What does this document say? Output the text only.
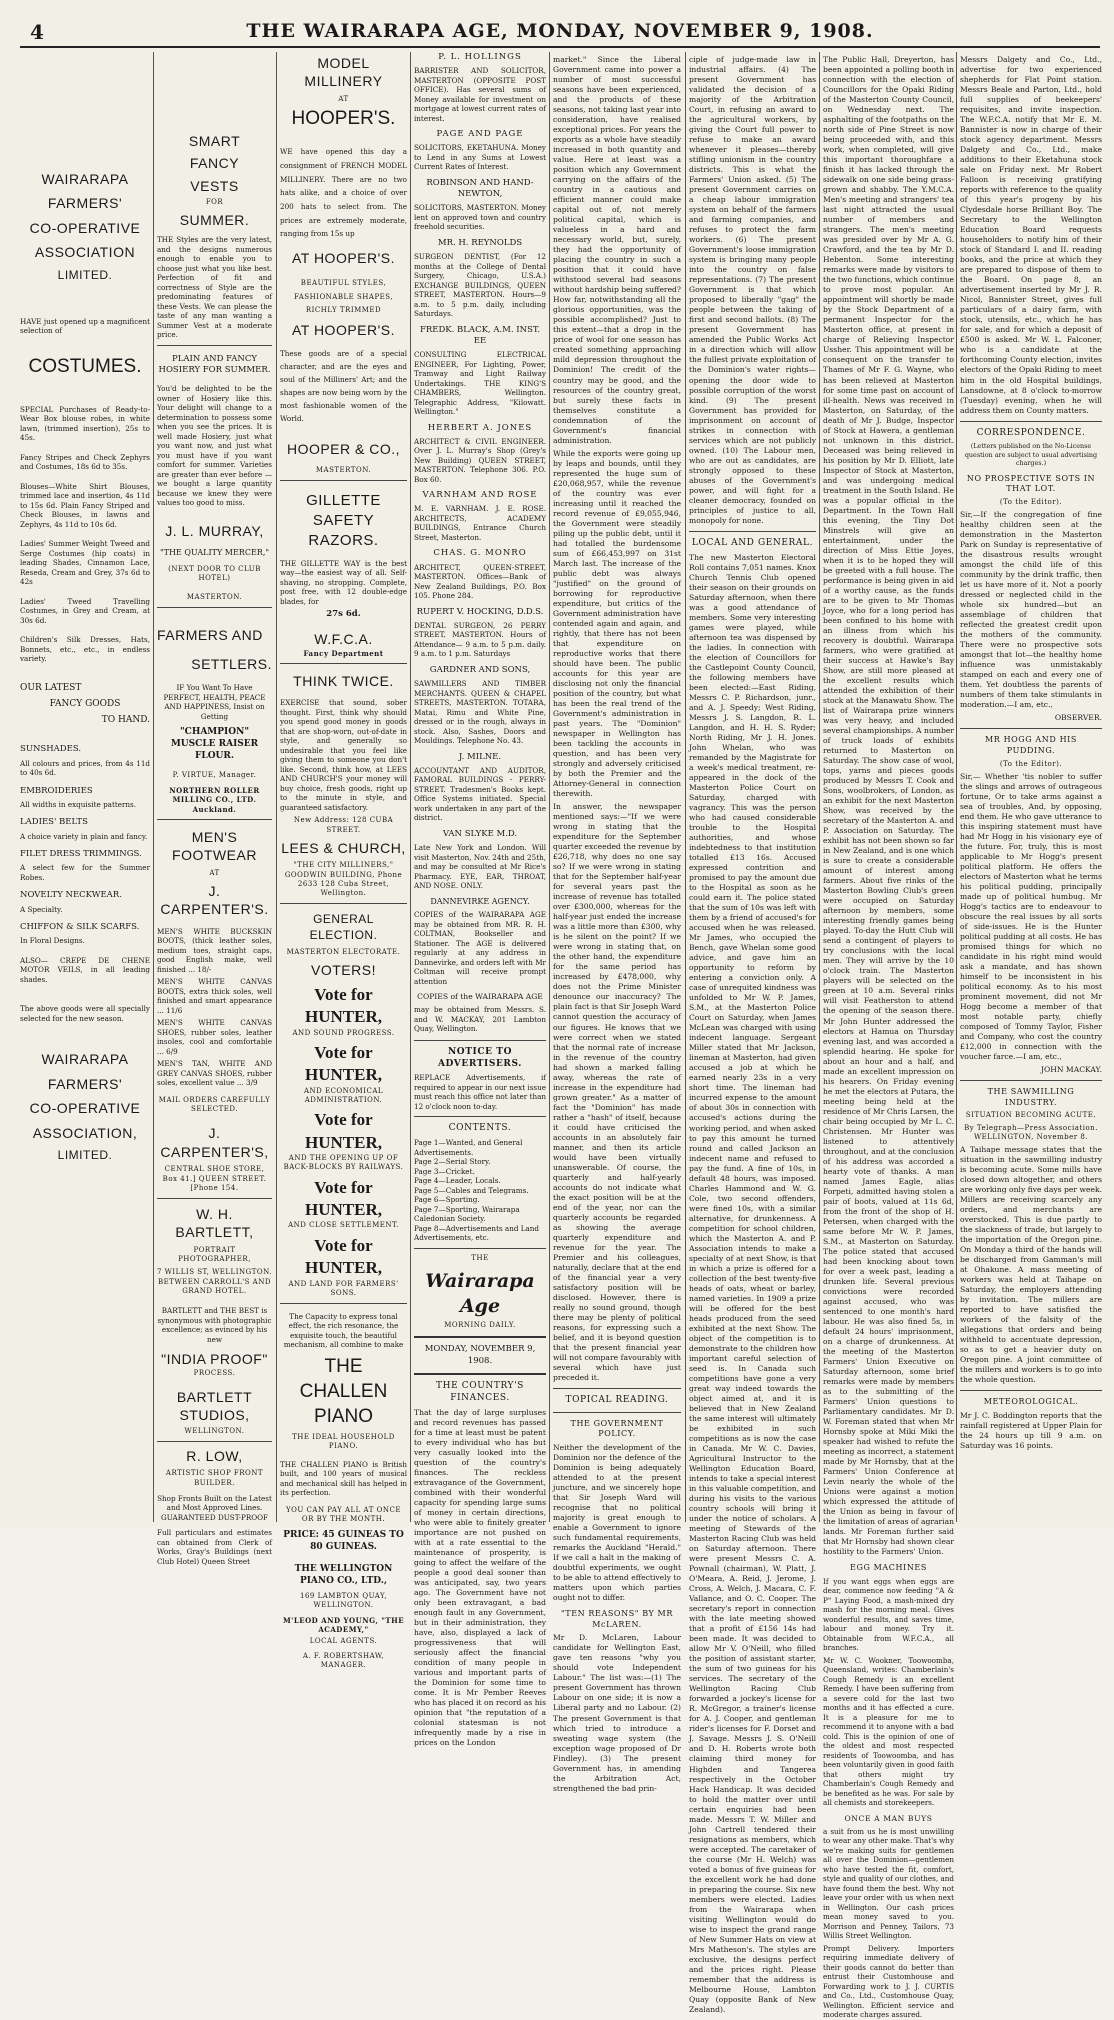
4	THE WAIRARAPA AGE, MONDAY, NOVEMBER 9, 1908.
WAIRARAPA
FARMERS'
CO-OPERATIVE
ASSOCIATION
LIMITED.
HAVE just opened up a magnificent selection of
COSTUMES.
SPECIAL Purchases of Ready-to-Wear Box blouse robes, in white lawn, (trimmed insertion), 25s to 45s.
Fancy Stripes and Check Zephyrs and Costumes, 18s 6d to 35s.
Blouses—White Shirt Blouses, trimmed lace and insertion, 4s 11d to 15s 6d. Plain Fancy Striped and Check Blouses, in lawns and Zephyrs, 4s 11d to 10s 6d.
Ladies' Summer Weight Tweed and Serge Costumes (hip coats) in leading Shades, Cinnamon Lace, Reseda, Cream and Grey, 37s 6d to 42s
Ladies' Tweed Travelling Costumes, in Grey and Cream, at 30s 6d.
Children's Silk Dresses, Hats, Bonnets, etc., etc., in endless variety.
OUR LATEST
FANCY GOODS
TO HAND.
SUNSHADES.
All colours and prices, from 4s 11d to 40s 6d.
EMBROIDERIES
All widths in exquisite patterns.
LADIES' BELTS
A choice variety in plain and fancy.
FILET DRESS TRIMMINGS.
A select few for the Summer Robes.
NOVELTY NECKWEAR.
A Specialty.
CHIFFON & SILK SCARFS.
In Floral Designs.
ALSO— CREPE DE CHENE MOTOR VEILS, in all leading shades.
The above goods were all specially selected for the new season.
WAIRARAPA
FARMERS'
CO-OPERATIVE
ASSOCIATION,
LIMITED.
SMART
FANCY
VESTS
FOR
SUMMER.
THE Styles are the very latest, and the designs numerous enough to enable you to choose just what you like best. Perfection of fit and correctness of Style are the predominating features of these Vests. We can please the taste of any man wanting a Summer Vest at a moderate price.
PLAIN AND FANCY HOSIERY FOR SUMMER.
You'd be delighted to be the owner of Hosiery like this. Your delight will change to a determination to possess some when you see the prices. It is well made Hosiery, just what you want now, and just what you must have if you want comfort for summer. Varieties are greater than ever before —we bought a large quantity because we knew they were values too good to miss.
J. L. MURRAY,
"THE QUALITY MERCER,"
(NEXT DOOR TO CLUB HOTEL)
MASTERTON.
FARMERS AND
SETTLERS.
IF You Want To Have PERFECT, HEALTH, PEACE AND HAPPINESS, Insist on Getting
"CHAMPION" MUSCLE RAISER FLOUR.
P. VIRTUE, Manager.
NORTHERN ROLLER MILLING CO., LTD. Auckland.
MEN'S FOOTWEAR
AT
J. CARPENTER'S.
MEN'S WHITE BUCKSKIN BOOTS, (thick leather soles, medium toes, straight caps, good English make, well finished ... 18/-
MEN'S WHITE CANVAS BOOTS, extra thick soles, well finished and smart appearance ... 11/6
MEN'S WHITE CANVAS SHOES, rubber soles, leather insoles, cool and comfortable ... 6/9
MEN'S TAN, WHITE AND GREY CANVAS SHOES, rubber soles, excellent value ... 3/9
MAIL ORDERS CAREFULLY SELECTED.
J. CARPENTER'S,
CENTRAL SHOE STORE, Box 41.] QUEEN STREET. [Phone 154.
W. H. BARTLETT,
PORTRAIT PHOTOGRAPHER,
7 WILLIS ST, WELLINGTON. BETWEEN CARROLL'S AND GRAND HOTEL.
BARTLETT and THE BEST is synonymous with photographic excellence; as evinced by his new
"INDIA PROOF"
PROCESS.
BARTLETT
STUDIOS,
WELLINGTON.
R. LOW,
ARTISTIC SHOP FRONT BUILDER.
Shop Fronts Built on the Latest and Most Approved Lines. GUARANTEED DUST-PROOF
Full particulars and estimates can obtained from Clerk of Works, Gray's Buildings (next Club Hotel) Queen Street
MODEL MILLINERY
AT
HOOPER'S.
WE have opened this day a consignment of FRENCH MODEL MILLINERY. There are no two hats alike, and a choice of over 200 hats to select from. The prices are extremely moderate, ranging from 15s up
AT HOOPER'S.
BEAUTIFUL STYLES, FASHIONABLE SHAPES, RICHLY TRIMMED
AT HOOPER'S.
These goods are of a special character, and are the eyes and soul of the Milliners' Art; and the shapes are now being worn by the most fashionable women of the World.
HOOPER & CO.,
MASTERTON.
GILLETTE SAFETY RAZORS.
THE GILLETTE WAY is the best way—the easiest way of all. Self-shaving, no stropping. Complete, post free, with 12 double-edge blades, for
27s 6d.
W.F.C.A.
Fancy Department
THINK TWICE.
EXERCISE that sound, sober thought. First, think why should you spend good money in goods that are shop-worn, out-of-date in style, and generally so undesirable that you feel like giving them to someone you don't like. Second, think how, at LEES AND CHURCH'S your money will buy choice, fresh goods, right up to the minute in style, and guaranteed satisfactory.
New Address: 128 CUBA STREET.
LEES & CHURCH,
"THE CITY MILLINERS," GOODWIN BUILDING, Phone 2633 128 Cuba Street, Wellington.
GENERAL ELECTION.
MASTERTON ELECTORATE.
VOTERS!
Vote for HUNTER,
AND SOUND PROGRESS.
Vote for HUNTER,
AND ECONOMICAL ADMINISTRATION.
Vote for HUNTER,
AND THE OPENING UP OF BACK-BLOCKS BY RAILWAYS.
Vote for HUNTER,
AND CLOSE SETTLEMENT.
Vote for HUNTER,
AND LAND FOR FARMERS' SONS.
The Capacity to express tonal effect, the rich resonance, the exquisite touch, the beautiful mechanism, all combine to make
THE
CHALLEN
PIANO
THE IDEAL HOUSEHOLD PIANO.
THE CHALLEN PIANO is British built, and 100 years of musical and mechanical skill has helped in its perfection.
YOU CAN PAY ALL AT ONCE OR BY THE MONTH.
PRICE: 45 GUINEAS TO 80 GUINEAS.
THE WELLINGTON PIANO CO., LTD.,
169 LAMBTON QUAY, WELLINGTON.
M'LEOD AND YOUNG, "THE ACADEMY,"
LOCAL AGENTS.
A. F. ROBERTSHAW, MANAGER.
P. L. HOLLINGS
BARRISTER AND SOLICITOR, MASTERTON (OPPOSITE POST OFFICE). Has several sums of Money available for investment on mortgage at lowest current rates of interest.
PAGE AND PAGE
SOLICITORS, EKETAHUNA. Money to Lend in any Sums at Lowest Current Rates of Interest.
ROBINSON AND HAND-NEWTON,
SOLICITORS, MASTERTON. Money lent on approved town and country freehold securities.
MR. H. REYNOLDS
SURGEON DENTIST, (For 12 months at the College of Dental Surgery, Chicago, U.S.A.) EXCHANGE BUILDINGS, QUEEN STREET, MASTERTON. Hours—9 a.m. to 5 p.m. daily, including Saturdays.
FREDK. BLACK, A.M. INST. EE
CONSULTING ELECTRICAL ENGINEER, For Lighting, Power, Tramway and Light Railway Undertakings. THE KING'S CHAMBERS, Wellington. Telegraphic Address, "Kilowatt. Wellington."
HERBERT A. JONES
ARCHITECT & CIVIL ENGINEER. Over J. L. Murray's Shop (Grey's New Building) QUEEN STREET, MASTERTON. Telephone 306. P.O. Box 60.
VARNHAM AND ROSE
M. E. VARNHAM. J. E. ROSE. ARCHITECTS, ACADEMY BUILDINGS, Entrance Church Street, Masterton.
CHAS. G. MONRO
ARCHITECT, QUEEN-STREET, MASTERTON. Offices—Bank of New Zealand Buildings, P.O. Box 105. Phone 284.
RUPERT V. HOCKING, D.D.S.
DENTAL SURGEON, 26 PERRY STREET, MASTERTON. Hours of Attendance— 9 a.m. to 5 p.m. daily. 9 a.m. to 1 p.m. Saturdays
GARDNER AND SONS,
SAWMILLERS AND TIMBER MERCHANTS. QUEEN & CHAPEL STREETS, MASTERTON. TOTARA, Matai, Rimu and White Pine, dressed or in the rough, always in stock. Also, Sashes, Doors and Mouldings. Telephone No. 43.
J. MILNE.
ACCOUNTANT AND AUDITOR, FAMORAL BUILDINGS - PERRY-STREET. Tradesmen's Books kept. Office Systems initiated. Special work undertaken in any part of the district.
VAN SLYKE M.D.
Late New York and London. Will visit Masterton, Nov. 24th and 25th, and may be consulted at Mr Rice's Pharmacy. EYE, EAR, THROAT, AND NOSE. ONLY.
DANNEVIRKE AGENCY.
COPIES of the WAIRARAPA AGE may be obtained from MR. R. H. COLTMAN, Bookseller and Stationer. The AGE is delivered regularly at any address in Dannevirke, and orders left with Mr Coltman will receive prompt attention
COPIES of the WAIRARAPA AGE
may be obtained from Messrs. S. and W. MACKAY, 201 Lambton Quay, Wellington.
NOTICE TO ADVERTISERS.
REPLACE Advertisements, if required to appear in our next issue must reach this office not later than 12 o'clock noon to-day.
CONTENTS.
Page 1—Wanted, and General Advertisements.
Page 2—Serial Story.
Page 3—Cricket.
Page 4—Leader, Locals.
Page 5—Cables and Telegrams.
Page 6—Sporting.
Page 7—Sporting, Wairarapa Caledonian Society.
Page 8—Advertisements and Land Advertisements, etc.
THE
Wairarapa Age
MORNING DAILY.
MONDAY, NOVEMBER 9, 1908.
THE COUNTRY'S FINANCES.
That the day of large surpluses and record revenues has passed for a time at least must be patent to every individual who has but very casually looked into the question of the country's finances. The reckless extravagance of the Government, combined with their wonderful capacity for spending large sums of money in certain directions, who were able to finitely greater importance are not pushed on with at a rate essential to the maintenance of prosperity, is going to affect the welfare of the people a good deal sooner than was anticipated, say, two years ago. The Government have not only been extravagant, a bad enough fault in any Government, but in their administration, they have, also, displayed a lack of progressiveness that will seriously affect the financial condition of many people in various and important parts of the Dominion for some time to come. It is Mr Pember Reeves who has placed it on record as his opinion that "the reputation of a colonial statesman is not infrequently made by a rise in prices on the London
market." Since the Liberal Government came into power a number of most successful seasons have been experienced, and the products of these seasons, not taking last year into consideration, have realised exceptional prices. For years the exports as a whole have steadily increased in both quantity and value. Here at least was a position which any Government carrying on the affairs of the country in a cautious and efficient manner could make capital out of, not merely political capital, which is valueless in a hard and necessary world, but, surely, they had the opportunity of placing the country in such a position that it could have withstood several bad seasons without hardship being suffered? How far, notwithstanding all the glorious opportunities, was the possible accomplished? Just to this extent—that a drop in the price of wool for one season has created something approaching mild depression throughout the Dominion! The credit of the country may be good, and the resources of the country great, but surely these facts in themselves constitute a condemnation of the Government's financial administration.
While the exports were going up by leaps and bounds, until they represented the huge sum of £20,068,957, while the revenue of the country was ever increasing until it reached the record revenue of £9,055,946, the Government were steadily piling up the public debt, until it had totalled the burdensome sum of £66,453,997 on 31st March last. The increase of the public debt was always "justified" on the ground of borrowing for reproductive expenditure, but critics of the Government administration have contended again and again, and rightly, that there has not been that expenditure on reproductive works that there should have been. The public accounts for this year are disclosing not only the financial position of the country, but what has been the real trend of the Government's administration in past years. The "Dominion" newspaper in Wellington has been tackling the accounts in question, and has been very strongly and adversely criticised by both the Premier and the Attorney-General in connection therewith.
In answer, the newspaper mentioned says:—"If we were wrong in stating that the expenditure for the September quarter exceeded the revenue by £26,718, why does no one say so? If we were wrong in stating that for the September half-year for several years past the increase of revenue has totalled over £300,000, whereas for the half-year just ended the increase was a little more than £300, why is he silent on the point? If we were wrong in stating that, on the other hand, the expenditure for the same period has increased by £478,000, why does not the Prime Minister denounce our inaccuracy? The plain fact is that Sir Joseph Ward cannot question the accuracy of our figures. He knows that we were correct when we stated that the normal rate of increase in the revenue of the country had shown a marked falling away, whereas the rate of increase in the expenditure had grown greater." As a matter of fact the "Dominion" has made rather a "hash" of itself, because it could have criticised the accounts in an absolutely fair manner, and then its article would have been virtually unanswerable. Of course, the quarterly and half-yearly accounts do not indicate what the exact position will be at the end of the year, nor can the quarterly accounts be regarded as showing the average quarterly expenditure and revenue for the year. The Premier and his colleagues, naturally, declare that at the end of the financial year a very satisfactory position will be disclosed. However, there is really no sound ground, though there may be plenty of political reasons, for expressing such a belief, and it is beyond question that the present financial year will not compare favourably with several which have just preceded it.
TOPICAL READING.
THE GOVERNMENT POLICY.
Neither the development of the Dominion nor the defence of the Dominion is being adequately attended to at the present juncture, and we sincerely hope that Sir Joseph Ward will recognise that no political majority is great enough to enable a Government to ignore such fundamental requirements, remarks the Auckland "Herald." If we call a halt in the making of doubtful experiments, we ought to be able to attend effectively to matters upon which parties ought not to differ.
"TEN REASONS" BY MR McLAREN.
Mr D. McLaren, Labour candidate for Wellington East, gave ten reasons "why you should vote Independent Labour." The list was:—(1) The present Government has thrown Labour on one side; it is now a Liberal party and no Labour. (2) The present Government is that which tried to introduce a sweating wage system (the exception wage proposed of Dr Findley). (3) The present Government has, in amending the Arbitration Act, strengthened the bad prin-
ciple of judge-made law in industrial affairs. (4) The present Government has validated the decision of a majority of the Arbitration Court, in refusing an award to the agricultural workers, by giving the Court full power to refuse to make an award whenever it pleases—thereby stifling unionism in the country districts. This is what the Farmers' Union asked. (5) The present Government carries on a cheap labour immigration system on behalf of the farmers and farming companies, and refuses to protect the farm workers. (6) The present Government's loose immigration system is bringing many people into the country on false representations. (7) The present Government is that which proposed to liberally "gag" the people between the taking of first and second ballots. (8) The present Government has amended the Public Works Act in a direction which will allow the fullest private exploitation of the Dominion's water rights—opening the door wide to possible corruption of the worst kind. (9) The present Government has provided for imprisonment on account of strikes in connection with services which are not publicly owned. (10) The Labour men, who are out as candidates, are strongly opposed to these abuses of the Government's power, and will fight for a cleaner democracy, founded on principles of justice to all, monopoly for none.
LOCAL AND GENERAL.
The new Masterton Electoral Roll contains 7,051 names. Knox Church Tennis Club opened their season on their grounds on Saturday afternoon, when there was a good attendance of members. Some very interesting games were played, while afternoon tea was dispensed by the ladies. In connection with the election of Councillors for the Castlepoint County Council, the following members have been elected:—East Riding, Messrs C. P. Richardson, junr., and A. J. Speedy; West Riding, Messrs J. S. Langdon, R. L. Langdon, and H. H. S. Ryder; North Riding, Mr J. H. Jones. John Whelan, who was remanded by the Magistrate for a week's medical treatment, re-appeared in the dock of the Masterton Police Court on Saturday, charged with vagrancy. This was the person who had caused considerable trouble to the Hospital authorities, and whose indebtedness to that institution totalled £13 16s. Accused expressed contrition and promised to pay the amount due to the Hospital as soon as he could earn it. The police stated that the sum of 10s was left with them by a friend of accused's for accused when he was released. Mr James, who occupied the Bench, gave Whelan some good advice, and gave him an opportunity to reform by entering a conviction only. A case of unrequited kindness was unfolded to Mr W. P. James, S.M., at the Masterton Police Court on Saturday, when James McLean was charged with using indecent language. Sergeant Miller stated that Mr Jackson, lineman at Masterton, had given accused a job at which he earned nearly 23s in a very short time. The lineman had incurred expense to the amount of about 30s in connection with accused's actions during the working period, and when asked to pay this amount he turned round and called Jackson an indecent name and refused to pay the fund. A fine of 10s, in default 48 hours, was imposed. Charles Hammond and W. G. Cole, two second offenders, were fined 10s, with a similar alternative, for drunkenness. A competition for school children, which the Masterton A. and P. Association intends to make a specialty of at next Show, is that in which a prize is offered for a collection of the best twenty-five heads of oats, wheat or barley, named varieties. In 1909 a prize will be offered for the best heads produced from the seed exhibited at the next Show. The object of the competition is to demonstrate to the children how important careful selection of seed is. In Canada such competitions have gone a very great way indeed towards the object aimed at, and it is believed that in New Zealand the same interest will ultimately be exhibited in such competitions as is now the case in Canada. Mr W. C. Davies, Agricultural Instructor to the Wellington Education Board, intends to take a special interest in this valuable competition, and during his visits to the various country schools will bring it under the notice of scholars. A meeting of Stewards of the Masterton Racing Club was held on Saturday afternoon. There were present Messrs C. A. Pownall (chairman), W. Platt, J. O'Meara, A. Reid, J. Jerome, J. Cross, A. Welch, J. Macara, C. F. Vallance, and O. C. Cooper. The secretary's report in connection with the late meeting showed that a profit of £156 14s had been made. It was decided to allow Mr V. O'Neill, who filled the position of assistant starter, the sum of two guineas for his services. The secretary of the Wellington Racing Club forwarded a jockey's license for R. McGregor, a trainer's license for A. J. Cooper, and gentleman rider's licenses for F. Dorset and J. Savage. Messrs J. S. O'Neill and D. H. Roberts wrote both claiming third money for Highden and Tangerea respectively in the October Hack Handicap. It was decided to hold the matter over until certain enquiries had been made. Messrs T. W. Miller and John Cartrell tendered their resignations as members, which were accepted. The caretaker of the course (Mr H. Welch) was voted a bonus of five guineas for the excellent work he had done in preparing the course. Six new members were elected. Ladies from the Wairarapa when visiting Wellington would do wise to inspect the grand range of New Summer Hats on view at Mrs Matheson's. The styles are exclusive, the designs perfect and the prices right. Please remember that the address is Melbourne House, Lambton Quay (opposite Bank of New Zealand).
The Public Hall, Dreyerton, has been appointed a polling booth in connection with the election of Councillors for the Opaki Riding of the Masterton County Council, on Wednesday next. The asphalting of the footpaths on the north side of Pine Street is now being proceeded with, and this work, when completed, will give this important thoroughfare a finish it has lacked through the sidewalk on one side being grass-grown and shabby. The Y.M.C.A. Men's meeting and strangers' tea last night attracted the usual number of members and strangers. The men's meeting was presided over by Mr A. G. Crawford, and the tea by Mr D. Hebenton. Some interesting remarks were made by visitors to the two functions, which continue to prove most popular. An appointment will shortly be made by the Stock Department of a permanent Inspector for the Masterton office, at present in charge of Relieving Inspector Ussher. This appointment will be consequent on the transfer to Thames of Mr F. G. Wayne, who has been relieved at Masterton for some time past on account of ill-health. News was received in Masterton, on Saturday, of the death of Mr J. Budge, Inspector of Stock at Hawera, a gentleman not unknown in this district. Deceased was being relieved in his position by Mr D. Elliott, late Inspector of Stock at Masterton, and was undergoing medical treatment in the South Island. He was a popular official in the Department. In the Town Hall this evening, the Tiny Dot Minstrels will give an entertainment, under the direction of Miss Ettie Joyes, when it is to be hoped they will be greeted with a full house. The performance is being given in aid of a worthy cause, as the funds are to be given to Mr Thomas Joyce, who for a long period has been confined to his home with an illness from which his recovery is doubtful. Wairarapa farmers, who were gratified at their success at Hawke's Bay Show, are still more pleased at the excellent results which attended the exhibition of their stock at the Manawatu Show. The list of Wairarapa prize winners was very heavy, and included several championships. A number of truck loads of exhibits returned to Masterton on Saturday. The show case of wool, tops, yarns and pieces goods produced by Messrs T. Cook and Sons, woolbrokers, of London, as an exhibit for the next Masterton Show, was received by the secretary of the Masterton A. and P. Association on Saturday. The exhibit has not been shown so far in New Zealand, and is one which is sure to create a considerable amount of interest among farmers. About five rinks of the Masterton Bowling Club's green were occupied on Saturday afternoon by members, some interesting friendly games being played. To-day the Hutt Club will send a contingent of players to try conclusions with the local men. They will arrive by the 10 o'clock train. The Masterton players will be selected on the green at 10 a.m. Several rinks will visit Featherston to attend the opening of the season there. Mr John Hunter addressed the electors at Hamua on Thursday evening last, and was accorded a splendid hearing. He spoke for about an hour and a half, and made an excellent impression on his hearers. On Friday evening he met the electors at Putara, the meeting being held at the residence of Mr Chris Larsen, the chair being occupied by Mr L. C. Christensen. Mr Hunter was listened to attentively throughout, and at the conclusion of his address was accorded a hearty vote of thanks. A man named James Eagle, alias Forpeti, admitted having stolen a pair of boots, valued at 11s 6d, from the front of the shop of H. Petersen, when charged with the same before Mr W. P. James, S.M., at Masterton on Saturday. The police stated that accused had been knocking about town for over a week past, leading a drunken life. Several previous convictions were recorded against accused, who was sentenced to one month's hard labour. He was also fined 5s, in default 24 hours' imprisonment, on a charge of drunkenness. At the meeting of the Masterton Farmers' Union Executive on Saturday afternoon, some brief remarks were made by members as to the submitting of the Farmers' Union questions to Parliamentary candidates. Mr D. W. Foreman stated that when Mr Hornsby spoke at Miki Miki the speaker had wished to refute the meeting as incorrect, a statement made by Mr Hornsby, that at the Farmers' Union Conference at Levin nearly the whole of the Unions were against a motion which expressed the attitude of the Union as being in favour of the limitation of areas of agrarian lands. Mr Foreman further said that Mr Hornsby had shown clear hostility to the Farmers' Union.
EGG MACHINES
If you want eggs when eggs are dear, commence now feeding "A & P" Laying Food, a mash-mixed dry mash for the morning meal. Gives wonderful results, and saves time, labour and money. Try it. Obtainable from W.F.C.A., all branches.
Mr W. C. Wookner, Toowoomba, Queensland, writes: Chamberlain's Cough Remedy is an excellent Remedy. I have been suffering from a severe cold for the last two months and it has effected a cure. It is a pleasure for me to recommend it to anyone with a bad cold. This is the opinion of one of the oldest and most respected residents of Toowoomba, and has been voluntarily given in good faith that others might try Chamberlain's Cough Remedy and be benefited as he was. For sale by all chemists and storekeepers.
ONCE A MAN BUYS
a suit from us he is most unwilling to wear any other make. That's why we're making suits for gentlemen all over the Dominion—gentlemen who have tested the fit, comfort, style and quality of our clothes, and have found them the best. Why not leave your order with us when next in Wellington. Our cash prices mean money saved to you. Morrison and Penney, Tailors, 73 Willis Street Wellington.
Prompt Delivery. Importers requiring immediate delivery of their goods cannot do better than entrust their Customhouse and Forwarding work to J. J. CURTIS and Co., Ltd., Customhouse Quay, Wellington. Efficient service and moderate charges assured.
Messrs Dalgety and Co., Ltd., advertise for two experienced shepherds for Flat Point station. Messrs Beale and Parton, Ltd., hold full supplies of beekeepers' requisites, and invite inspection. The W.F.C.A. notify that Mr E. M. Bannister is now in charge of their stock agency department. Messrs Dalgety and Co., Ltd., make additions to their Eketahuna stock sale on Friday next. Mr Robert Falloon is receiving gratifying reports with reference to the quality of this year's progeny by his Clydesdale horse Brilliant Boy. The Secretary to the Wellington Education Board requests householders to notify him of their stock of Standard I. and II. reading books, and the price at which they are prepared to dispose of them to the Board. On page 8, an advertisement inserted by Mr J. R. Nicol, Bannister Street, gives full particulars of a dairy farm, with stock, utensils, etc., which he has for sale, and for which a deposit of £500 is asked. Mr W. L. Falconer, who is a candidate at the forthcoming County election, invites electors of the Opaki Riding to meet him in the old Hospital buildings, Lansdowne, at 8 o'clock to-morrow (Tuesday) evening, when he will address them on County matters.
CORRESPONDENCE.
(Letters published on the No-License question are subject to usual advertising charges.)
NO PROSPECTIVE SOTS IN THAT LOT.
(To the Editor).
Sir,—If the congregation of fine healthy children seen at the demonstration in the Masterton Park on Sunday is representative of the disastrous results wrought amongst the child life of this community by the drink traffic, then let us have more of it. Not a poorly dressed or neglected child in the whole six hundred—but an assemblage of children that reflected the greatest credit upon the mothers of the community. There were no prospective sots amongst that lot—the healthy home influence was unmistakably stamped on each and every one of them. Yet doubtless the parents of numbers of them take stimulants in moderation.—I am, etc.,
OBSERVER.
MR HOGG AND HIS PUDDING.
(To the Editor).
Sir,— Whether 'tis nobler to suffer the slings and arrows of outrageous fortune, Or to take arms against a sea of troubles, And, by opposing, end them. He who gave utterance to this inspiring statement must have had Mr Hogg in his visionary eye of the future. For, truly, this is most applicable to Mr Hogg's present political platform. He offers the electors of Masterton what he terms his political pudding, principally made up of political humbug. Mr Hogg's tactics are to endeavour to obscure the real issues by all sorts of side-issues. He is the Hunter political pudding at all costs. He has promised things for which no candidate in his right mind would ask a mandate, and has shown himself to be inconsistent in his political economy. As to his most prominent movement, did not Mr Hogg become a member of that most notable party, chiefly composed of Tommy Taylor, Fisher and Company, who cost the country £12,000 in connection with the voucher farce.—I am, etc.,
JOHN MACKAY.
THE SAWMILLING INDUSTRY.
SITUATION BECOMING ACUTE.
By Telegraph—Press Association. WELLINGTON, November 8.
A Taihape message states that the situation in the sawmilling industry is becoming acute. Some mills have closed down altogether, and others are working only five days per week. Millers are receiving scarcely any orders, and merchants are overstocked. This is due partly to the slackness of trade, but largely to the importation of the Oregon pine. On Monday a third of the hands will be discharged from Gamman's mill at Ohakune. A mass meeting of workers was held at Taihape on Saturday, the employers attending by invitation. The millers are reported to have satisfied the workers of the falsity of the allegations that orders and being withheld to accentuate depression, so as to get a heavier duty on Oregon pine. A joint committee of the millers and workers is to go into the whole question.
METEOROLOGICAL.
Mr J. C. Boddington reports that the rainfall registered at Upper Plain for the 24 hours up till 9 a.m. on Saturday was 16 points.
